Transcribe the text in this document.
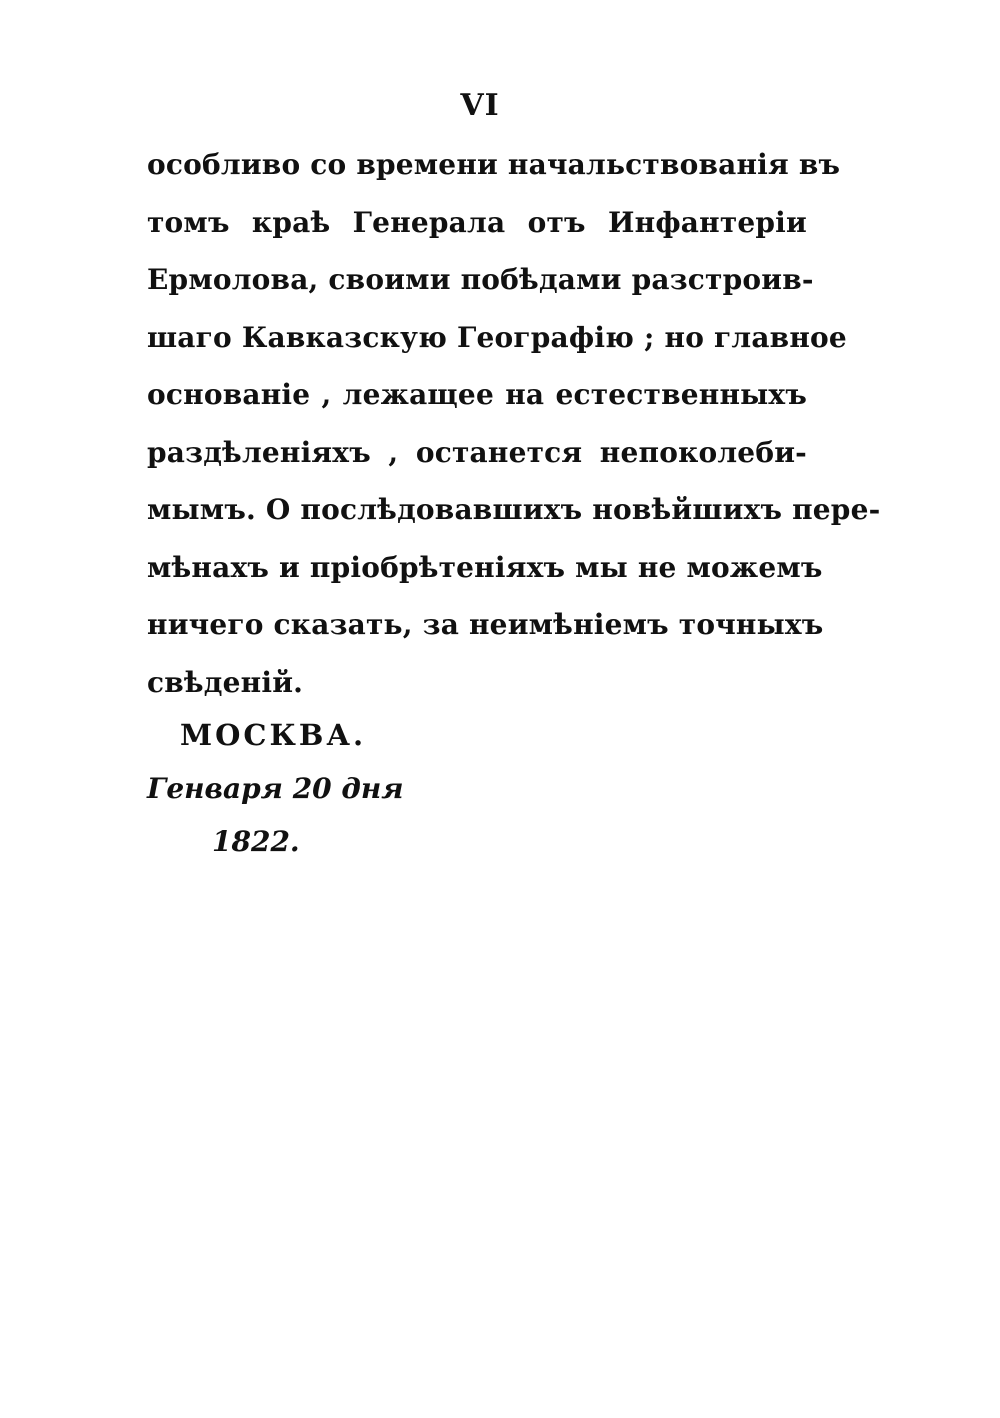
VI
особливо со времени начальствованія въ
томъ краѣ Генерала отъ Инфантеріи
Ермолова, своими побѣдами разстроив-
шаго Кавказскую Географію ; но главное
основаніе , лежащее на естественныхъ
раздѣленіяхъ , останется непоколеби-
мымъ. О послѣдовавшихъ новѣйшихъ пере-
мѣнахъ и пріобрѣтеніяхъ мы не можемъ
ничего сказать, за неимѣніемъ точныхъ
свѣденій.
МОСКВА.
Генваря 20 дня
1822.
